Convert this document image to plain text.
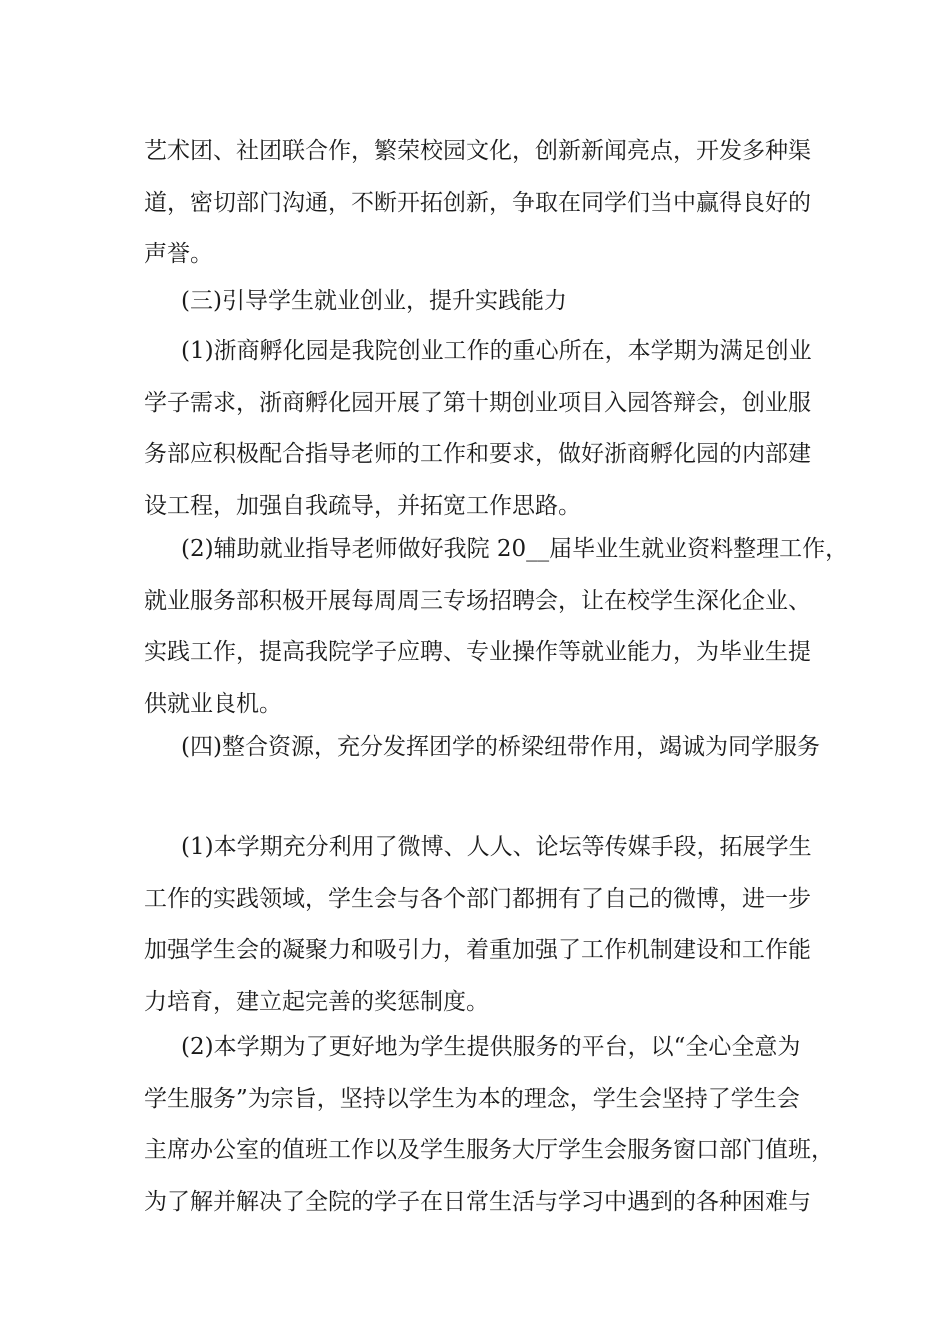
艺术团、社团联合作，繁荣校园文化，创新新闻亮点，开发多种渠
道，密切部门沟通，不断开拓创新，争取在同学们当中赢得良好的
声誉。

(三)引导学生就业创业，提升实践能力

(1)浙商孵化园是我院创业工作的重心所在，本学期为满足创业
学子需求，浙商孵化园开展了第十期创业项目入园答辩会，创业服
务部应积极配合指导老师的工作和要求，做好浙商孵化园的内部建
设工程，加强自我疏导，并拓宽工作思路。

(2)辅助就业指导老师做好我院 20__届毕业生就业资料整理工作，
就业服务部积极开展每周周三专场招聘会，让在校学生深化企业、
实践工作，提高我院学子应聘、专业操作等就业能力，为毕业生提
供就业良机。

(四)整合资源，充分发挥团学的桥梁纽带作用，竭诚为同学服务

(1)本学期充分利用了微博、人人、论坛等传媒手段，拓展学生
工作的实践领域，学生会与各个部门都拥有了自己的微博，进一步
加强学生会的凝聚力和吸引力，着重加强了工作机制建设和工作能
力培育，建立起完善的奖惩制度。

(2)本学期为了更好地为学生提供服务的平台，以“全心全意为
学生服务”为宗旨，坚持以学生为本的理念，学生会坚持了学生会
主席办公室的值班工作以及学生服务大厅学生会服务窗口部门值班，
为了解并解决了全院的学子在日常生活与学习中遇到的各种困难与
